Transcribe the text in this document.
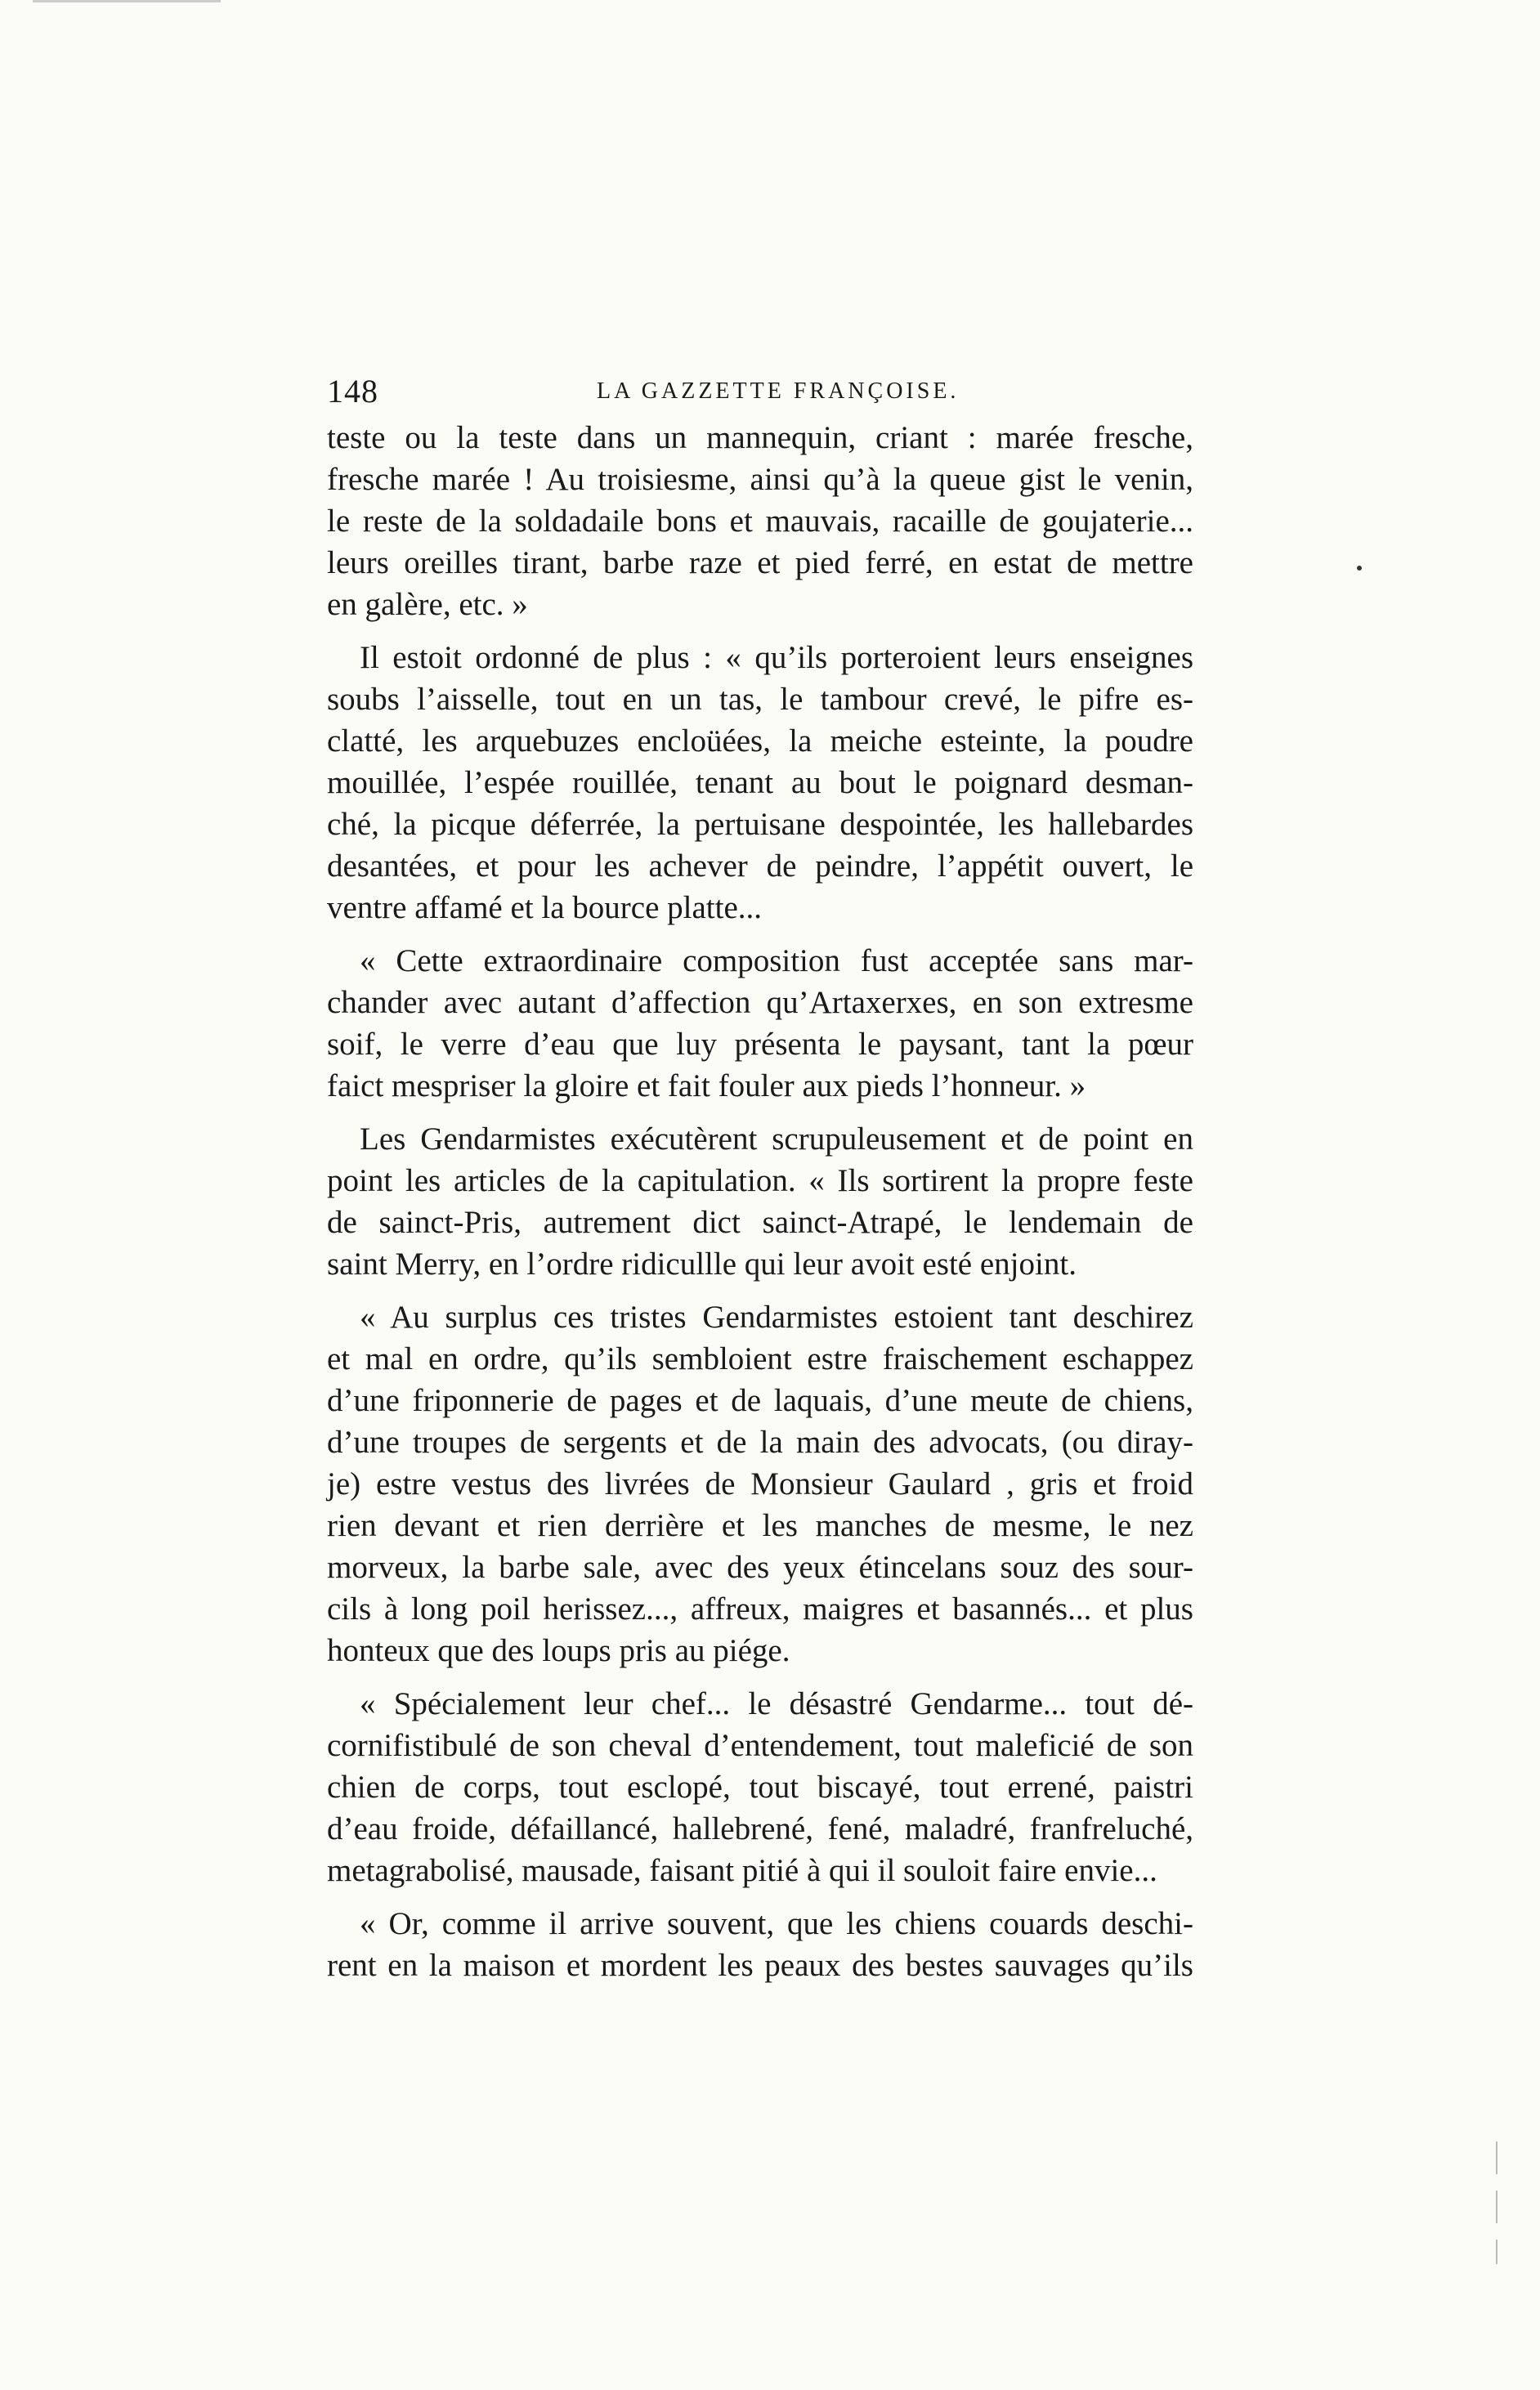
148	LA GAZZETTE FRANÇOISE.
teste ou la teste dans un mannequin, criant : marée fresche,
fresche marée ! Au troisiesme, ainsi qu’à la queue gist le venin,
le reste de la soldadaile bons et mauvais, racaille de goujaterie...
leurs oreilles tirant, barbe raze et pied ferré, en estat de mettre
en galère, etc. »
Il estoit ordonné de plus : « qu’ils porteroient leurs enseignes
soubs l’aisselle, tout en un tas, le tambour crevé, le pifre es-
clatté, les arquebuzes encloüées, la meiche esteinte, la poudre
mouillée, l’espée rouillée, tenant au bout le poignard desman-
ché, la picque déferrée, la pertuisane despointée, les hallebardes
desantées, et pour les achever de peindre, l’appétit ouvert, le
ventre affamé et la bource platte...
« Cette extraordinaire composition fust acceptée sans mar-
chander avec autant d’affection qu’Artaxerxes, en son extresme
soif, le verre d’eau que luy présenta le paysant, tant la pœur
faict mespriser la gloire et fait fouler aux pieds l’honneur. »
Les Gendarmistes exécutèrent scrupuleusement et de point en
point les articles de la capitulation. « Ils sortirent la propre feste
de sainct-Pris, autrement dict sainct-Atrapé, le lendemain de
saint Merry, en l’ordre ridicullle qui leur avoit esté enjoint.
« Au surplus ces tristes Gendarmistes estoient tant deschirez
et mal en ordre, qu’ils sembloient estre fraischement eschappez
d’une friponnerie de pages et de laquais, d’une meute de chiens,
d’une troupes de sergents et de la main des advocats, (ou diray-
je) estre vestus des livrées de Monsieur Gaulard , gris et froid
rien devant et rien derrière et les manches de mesme, le nez
morveux, la barbe sale, avec des yeux étincelans souz des sour-
cils à long poil herissez..., affreux, maigres et basannés... et plus
honteux que des loups pris au piége.
« Spécialement leur chef... le désastré Gendarme... tout dé-
cornifistibulé de son cheval d’entendement, tout maleficié de son
chien de corps, tout esclopé, tout biscayé, tout errené, paistri
d’eau froide, défaillancé, hallebrené, fené, maladré, franfreluché,
metagrabolisé, mausade, faisant pitié à qui il souloit faire envie...
« Or, comme il arrive souvent, que les chiens couards deschi-
rent en la maison et mordent les peaux des bestes sauvages qu’ils
